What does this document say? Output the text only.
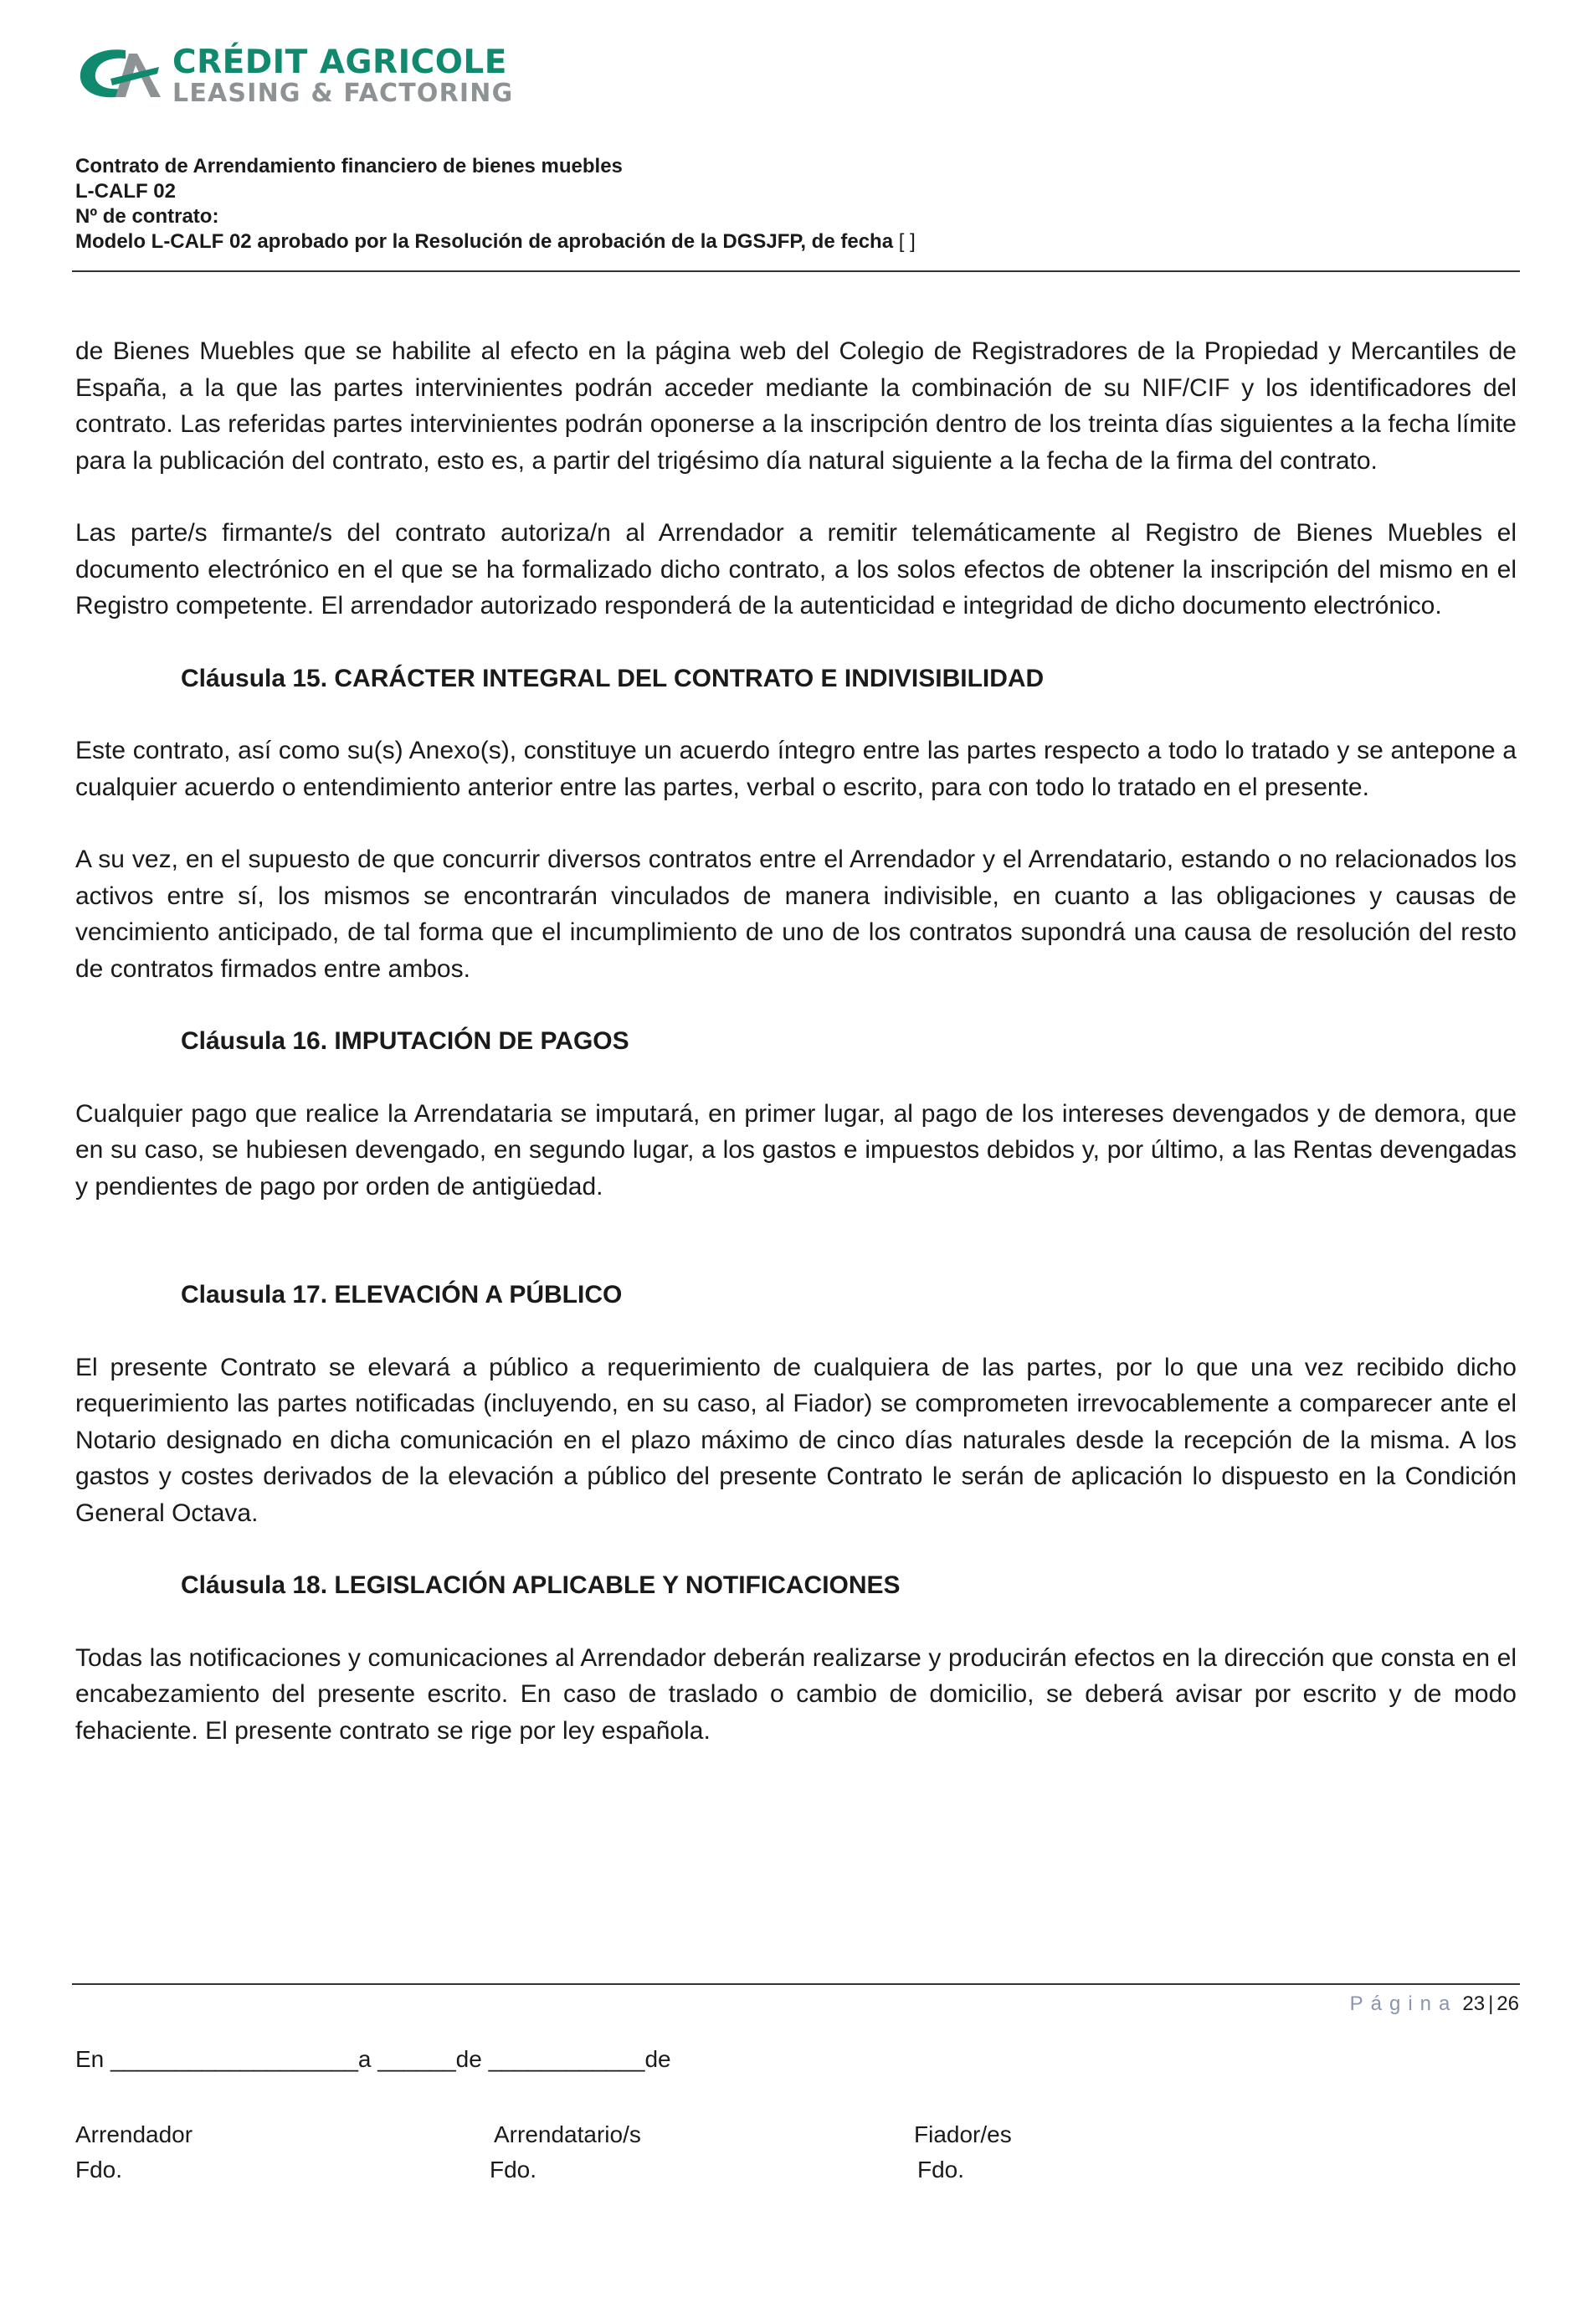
CRÉDIT AGRICOLE
LEASING & FACTORING
Contrato de Arrendamiento financiero de bienes muebles
L-CALF 02
Nº de contrato:
Modelo L-CALF 02 aprobado por la Resolución de aprobación de la DGSJFP, de fecha [ ]

de Bienes Muebles que se habilite al efecto en la página web del Colegio de Registradores de la Propiedad y Mercantiles de España, a la que las partes intervinientes podrán acceder mediante la combinación de su NIF/CIF y los identificadores del contrato. Las referidas partes intervinientes podrán oponerse a la inscripción dentro de los treinta días siguientes a la fecha límite para la publicación del contrato, esto es, a partir del trigésimo día natural siguiente a la fecha de la firma del contrato.

Las parte/s firmante/s del contrato autoriza/n al Arrendador a remitir telemáticamente al Registro de Bienes Muebles el documento electrónico en el que se ha formalizado dicho contrato, a los solos efectos de obtener la inscripción del mismo en el Registro competente. El arrendador autorizado responderá de la autenticidad e integridad de dicho documento electrónico.

Cláusula 15. CARÁCTER INTEGRAL DEL CONTRATO E INDIVISIBILIDAD

Este contrato, así como su(s) Anexo(s), constituye un acuerdo íntegro entre las partes respecto a todo lo tratado y se antepone a cualquier acuerdo o entendimiento anterior entre las partes, verbal o escrito, para con todo lo tratado en el presente.

A su vez, en el supuesto de que concurrir diversos contratos entre el Arrendador y el Arrendatario, estando o no relacionados los activos entre sí, los mismos se encontrarán vinculados de manera indivisible, en cuanto a las obligaciones y causas de vencimiento anticipado, de tal forma que el incumplimiento de uno de los contratos supondrá una causa de resolución del resto de contratos firmados entre ambos.

Cláusula 16. IMPUTACIÓN DE PAGOS

Cualquier pago que realice la Arrendataria se imputará, en primer lugar, al pago de los intereses devengados y de demora, que en su caso, se hubiesen devengado, en segundo lugar, a los gastos e impuestos debidos y, por último, a las Rentas devengadas y pendientes de pago por orden de antigüedad.

Clausula 17. ELEVACIÓN A PÚBLICO

El presente Contrato se elevará a público a requerimiento de cualquiera de las partes, por lo que una vez recibido dicho requerimiento las partes notificadas (incluyendo, en su caso, al Fiador) se comprometen irrevocablemente a comparecer ante el Notario designado en dicha comunicación en el plazo máximo de cinco días naturales desde la recepción de la misma. A los gastos y costes derivados de la elevación a público del presente Contrato le serán de aplicación lo dispuesto en la Condición General Octava.

Cláusula 18. LEGISLACIÓN APLICABLE Y NOTIFICACIONES

Todas las notificaciones y comunicaciones al Arrendador deberán realizarse y producirán efectos en la dirección que consta en el encabezamiento del presente escrito. En caso de traslado o cambio de domicilio, se deberá avisar por escrito y de modo fehaciente. El presente contrato se rige por ley española.

Página 23 | 26
En ___________________a ______de ____________de
Arrendador	Arrendatario/s	Fiador/es
Fdo.	Fdo.	Fdo.
